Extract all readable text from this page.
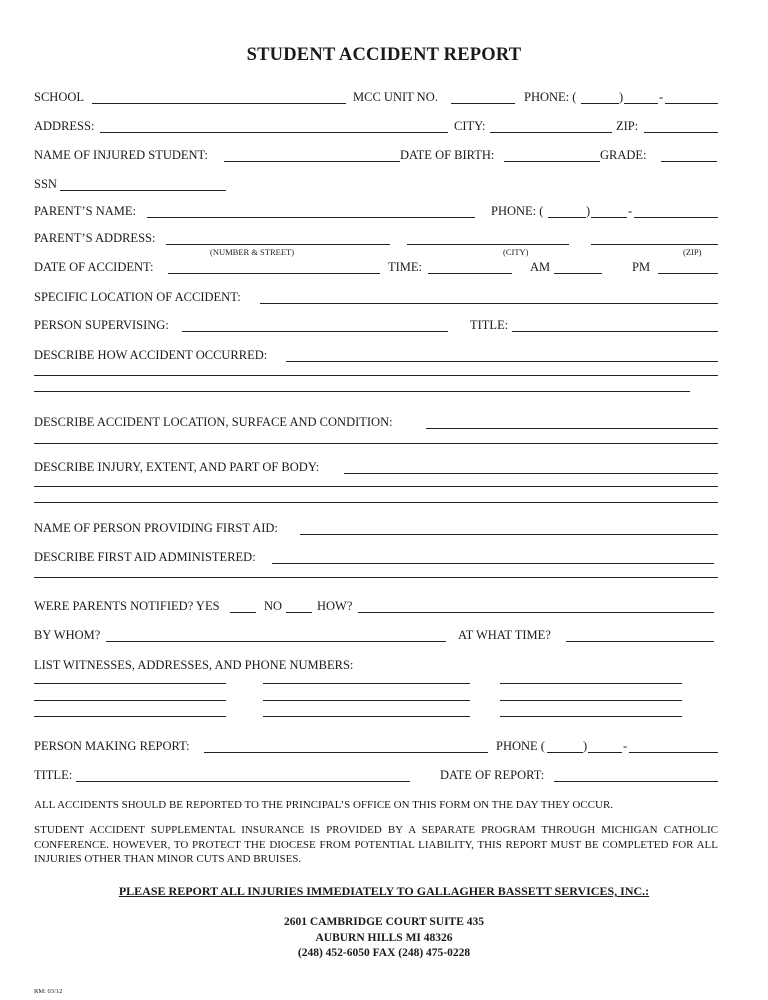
STUDENT ACCIDENT REPORT
SCHOOL	MCC UNIT NO.	PHONE: (	)	-
ADDRESS:	CITY:	ZIP:
NAME OF INJURED STUDENT:	DATE OF BIRTH:	GRADE:
SSN
PARENT’S NAME:	PHONE: (	)	-
PARENT’S ADDRESS:
(NUMBER & STREET)	(CITY)	(ZIP)
DATE OF ACCIDENT:	TIME:	AM	PM
SPECIFIC LOCATION OF ACCIDENT:
PERSON SUPERVISING:	TITLE:
DESCRIBE HOW ACCIDENT OCCURRED:
DESCRIBE ACCIDENT LOCATION, SURFACE AND CONDITION:
DESCRIBE INJURY, EXTENT, AND PART OF BODY:
NAME OF PERSON PROVIDING FIRST AID:
DESCRIBE FIRST AID ADMINISTERED:
WERE PARENTS NOTIFIED? YES	NO	HOW?
BY WHOM?	AT WHAT TIME?
LIST WITNESSES, ADDRESSES, AND PHONE NUMBERS:
PERSON MAKING REPORT:	PHONE (	)	-
TITLE:	DATE OF REPORT:
ALL ACCIDENTS SHOULD BE REPORTED TO THE PRINCIPAL’S OFFICE ON THIS FORM ON THE DAY THEY OCCUR.
STUDENT ACCIDENT SUPPLEMENTAL INSURANCE IS PROVIDED BY A SEPARATE PROGRAM THROUGH MICHIGAN CATHOLIC CONFERENCE. HOWEVER, TO PROTECT THE DIOCESE FROM POTENTIAL LIABILITY, THIS REPORT MUST BE COMPLETED FOR ALL INJURIES OTHER THAN MINOR CUTS AND BRUISES.
PLEASE REPORT ALL INJURIES IMMEDIATELY TO GALLAGHER BASSETT SERVICES, INC.:
2601 CAMBRIDGE COURT SUITE 435
AUBURN HILLS MI 48326
(248) 452-6050 FAX (248) 475-0228
RM: 03/12
